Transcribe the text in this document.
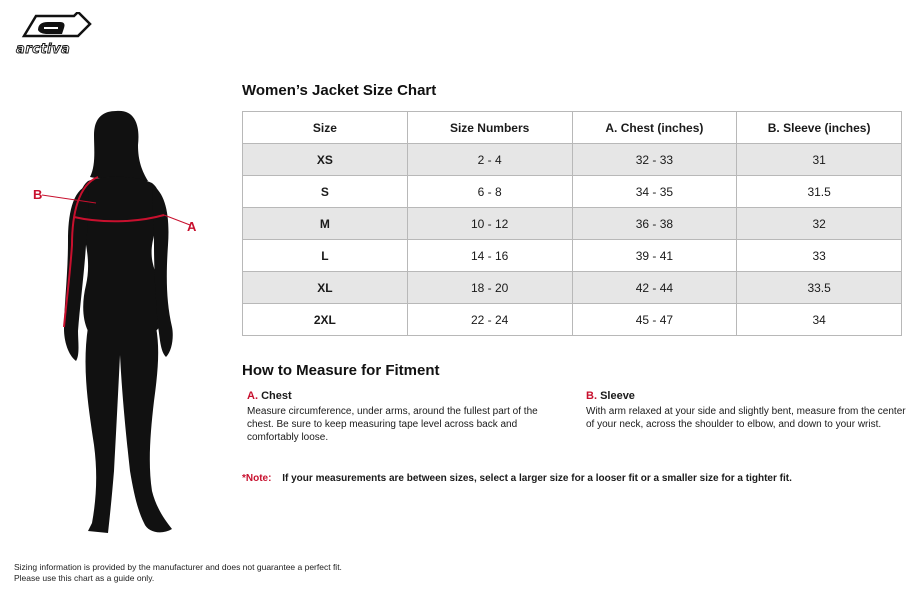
arctiva
B
A
Women’s Jacket Size Chart
Size	Size Numbers	A. Chest (inches)	B. Sleeve (inches)
XS	2 - 4	32 - 33	31
S	6 - 8	34 - 35	31.5
M	10 - 12	36 - 38	32
L	14 - 16	39 - 41	33
XL	18 - 20	42 - 44	33.5
2XL	22 - 24	45 - 47	34
How to Measure for Fitment
A. Chest
Measure circumference, under arms, around the fullest part of the chest. Be sure to keep measuring tape level across back and comfortably loose.
B. Sleeve
With arm relaxed at your side and slightly bent, measure from the center of your neck, across the shoulder to elbow, and down to your wrist.
*Note: If your measurements are between sizes, select a larger size for a looser fit or a smaller size for a tighter fit.
Sizing information is provided by the manufacturer and does not guarantee a perfect fit.
Please use this chart as a guide only.
